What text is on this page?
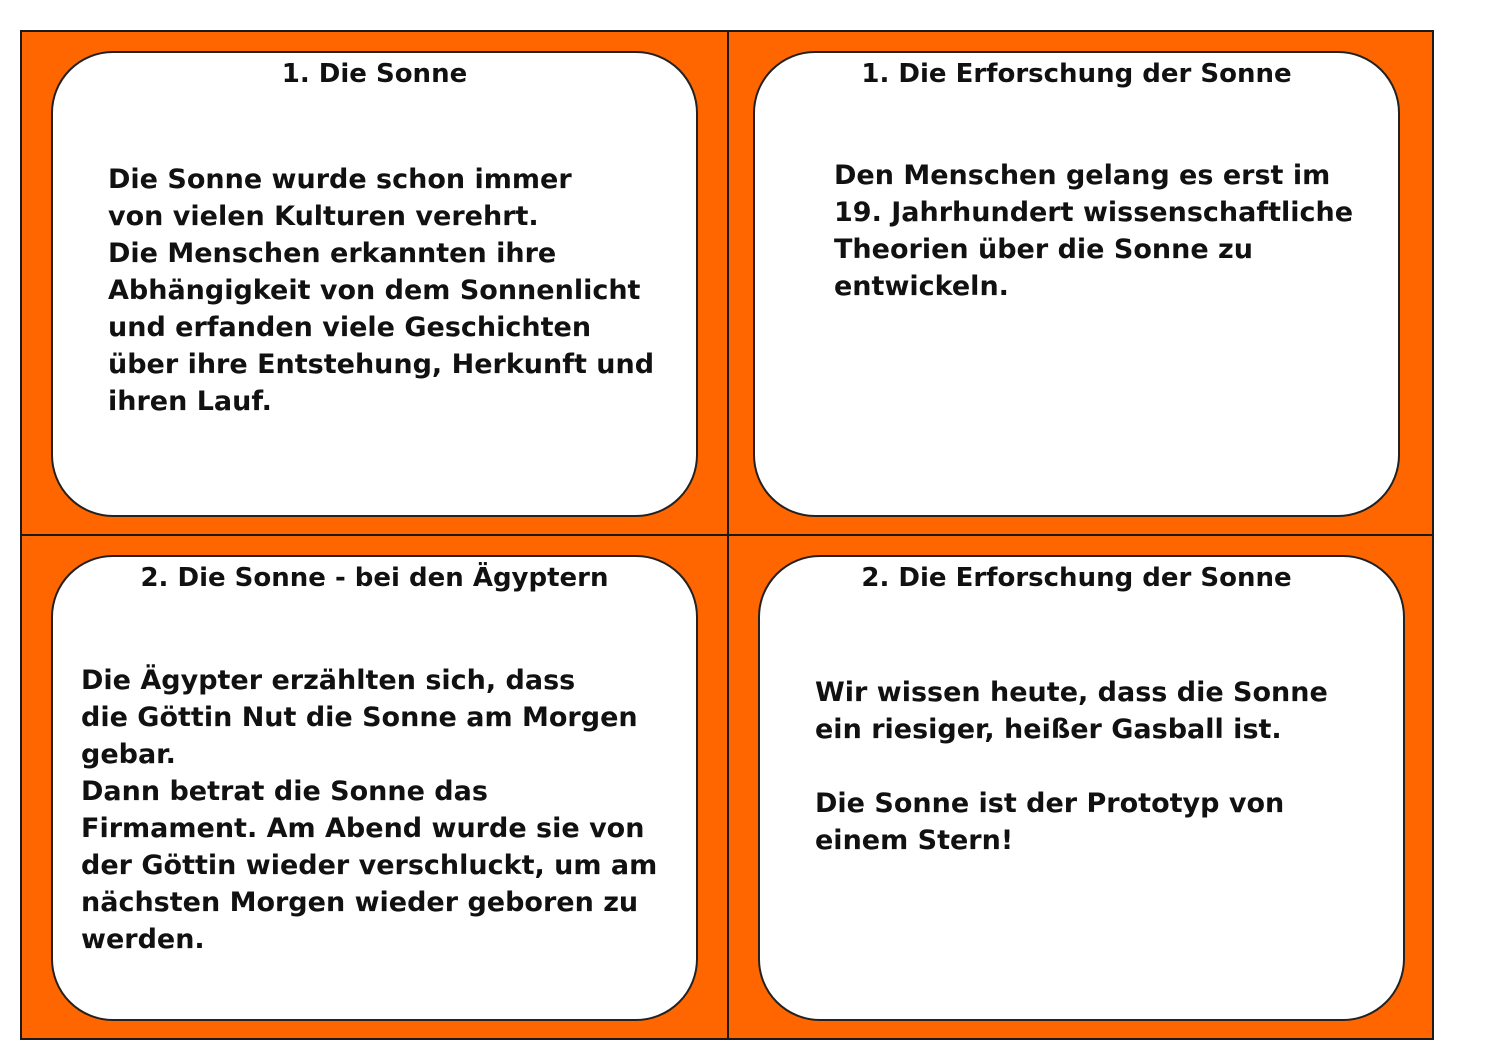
1. Die Sonne
Die Sonne wurde schon immer
von vielen Kulturen verehrt.
Die Menschen erkannten ihre
Abhängigkeit von dem Sonnenlicht
und erfanden viele Geschichten
über ihre Entstehung, Herkunft und
ihren Lauf.
1. Die Erforschung der Sonne
Den Menschen gelang es erst im
19. Jahrhundert wissenschaftliche
Theorien über die Sonne zu
entwickeln.
2. Die Sonne - bei den Ägyptern
Die Ägypter erzählten sich, dass
die Göttin Nut die Sonne am Morgen
gebar.
Dann betrat die Sonne das
Firmament. Am Abend wurde sie von
der Göttin wieder verschluckt, um am
nächsten Morgen wieder geboren zu
werden.
2. Die Erforschung der Sonne
Wir wissen heute, dass die Sonne
ein riesiger, heißer Gasball ist.

Die Sonne ist der Prototyp von
einem Stern!
